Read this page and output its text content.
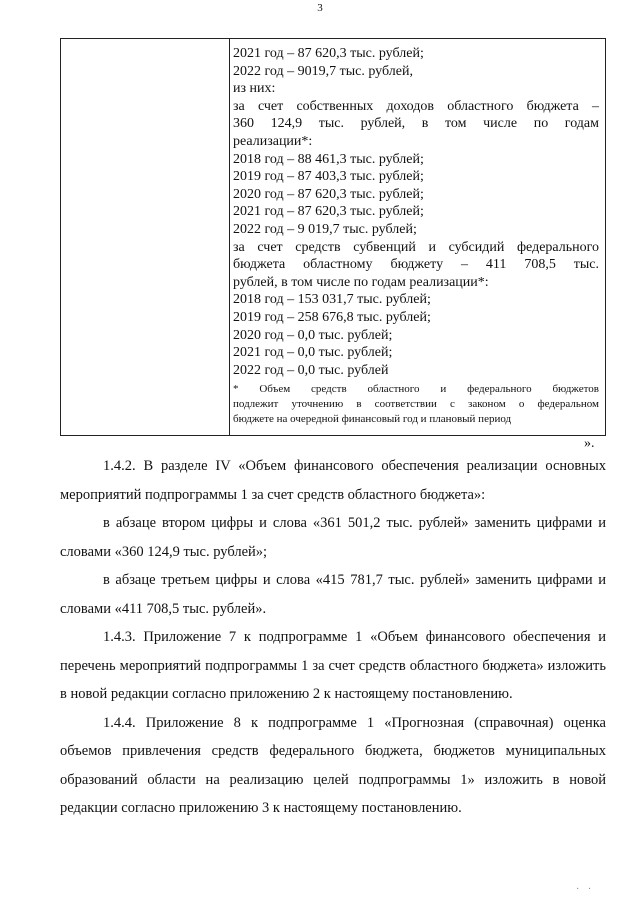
3
2021 год – 87 620,3 тыс. рублей;
2022 год – 9019,7 тыс. рублей,
из них:
за счет собственных доходов областного бюджета –
360 124,9 тыс. рублей, в том числе по годам
реализации*:
2018 год – 88 461,3 тыс. рублей;
2019 год – 87 403,3 тыс. рублей;
2020 год – 87 620,3 тыс. рублей;
2021 год – 87 620,3 тыс. рублей;
2022 год – 9 019,7 тыс. рублей;
за счет средств субвенций и субсидий федерального
бюджета областному бюджету – 411 708,5 тыс.
рублей, в том числе по годам реализации*:
2018 год – 153 031,7 тыс. рублей;
2019 год – 258 676,8 тыс. рублей;
2020 год – 0,0 тыс. рублей;
2021 год – 0,0 тыс. рублей;
2022 год – 0,0 тыс. рублей
* Объем средств областного и федерального бюджетов
подлежит уточнению в соответствии с законом о федеральном
бюджете на очередной финансовый год и плановый период
».

1.4.2. В разделе IV «Объем финансового обеспечения реализации основных мероприятий подпрограммы 1 за счет средств областного бюджета»:

в абзаце втором цифры и слова «361 501,2 тыс. рублей» заменить цифрами и словами «360 124,9 тыс. рублей»;

в абзаце третьем цифры и слова «415 781,7 тыс. рублей» заменить цифрами и словами «411 708,5 тыс. рублей».

1.4.3. Приложение 7 к подпрограмме 1 «Объем финансового обеспечения и перечень мероприятий подпрограммы 1 за счет средств областного бюджета» изложить в новой редакции согласно приложению 2 к настоящему постановлению.

1.4.4. Приложение 8 к подпрограмме 1 «Прогнозная (справочная) оценка объемов привлечения средств федерального бюджета, бюджетов муниципальных образований области на реализацию целей подпрограммы 1» изложить в новой редакции согласно приложению 3 к настоящему постановлению.

· ·
